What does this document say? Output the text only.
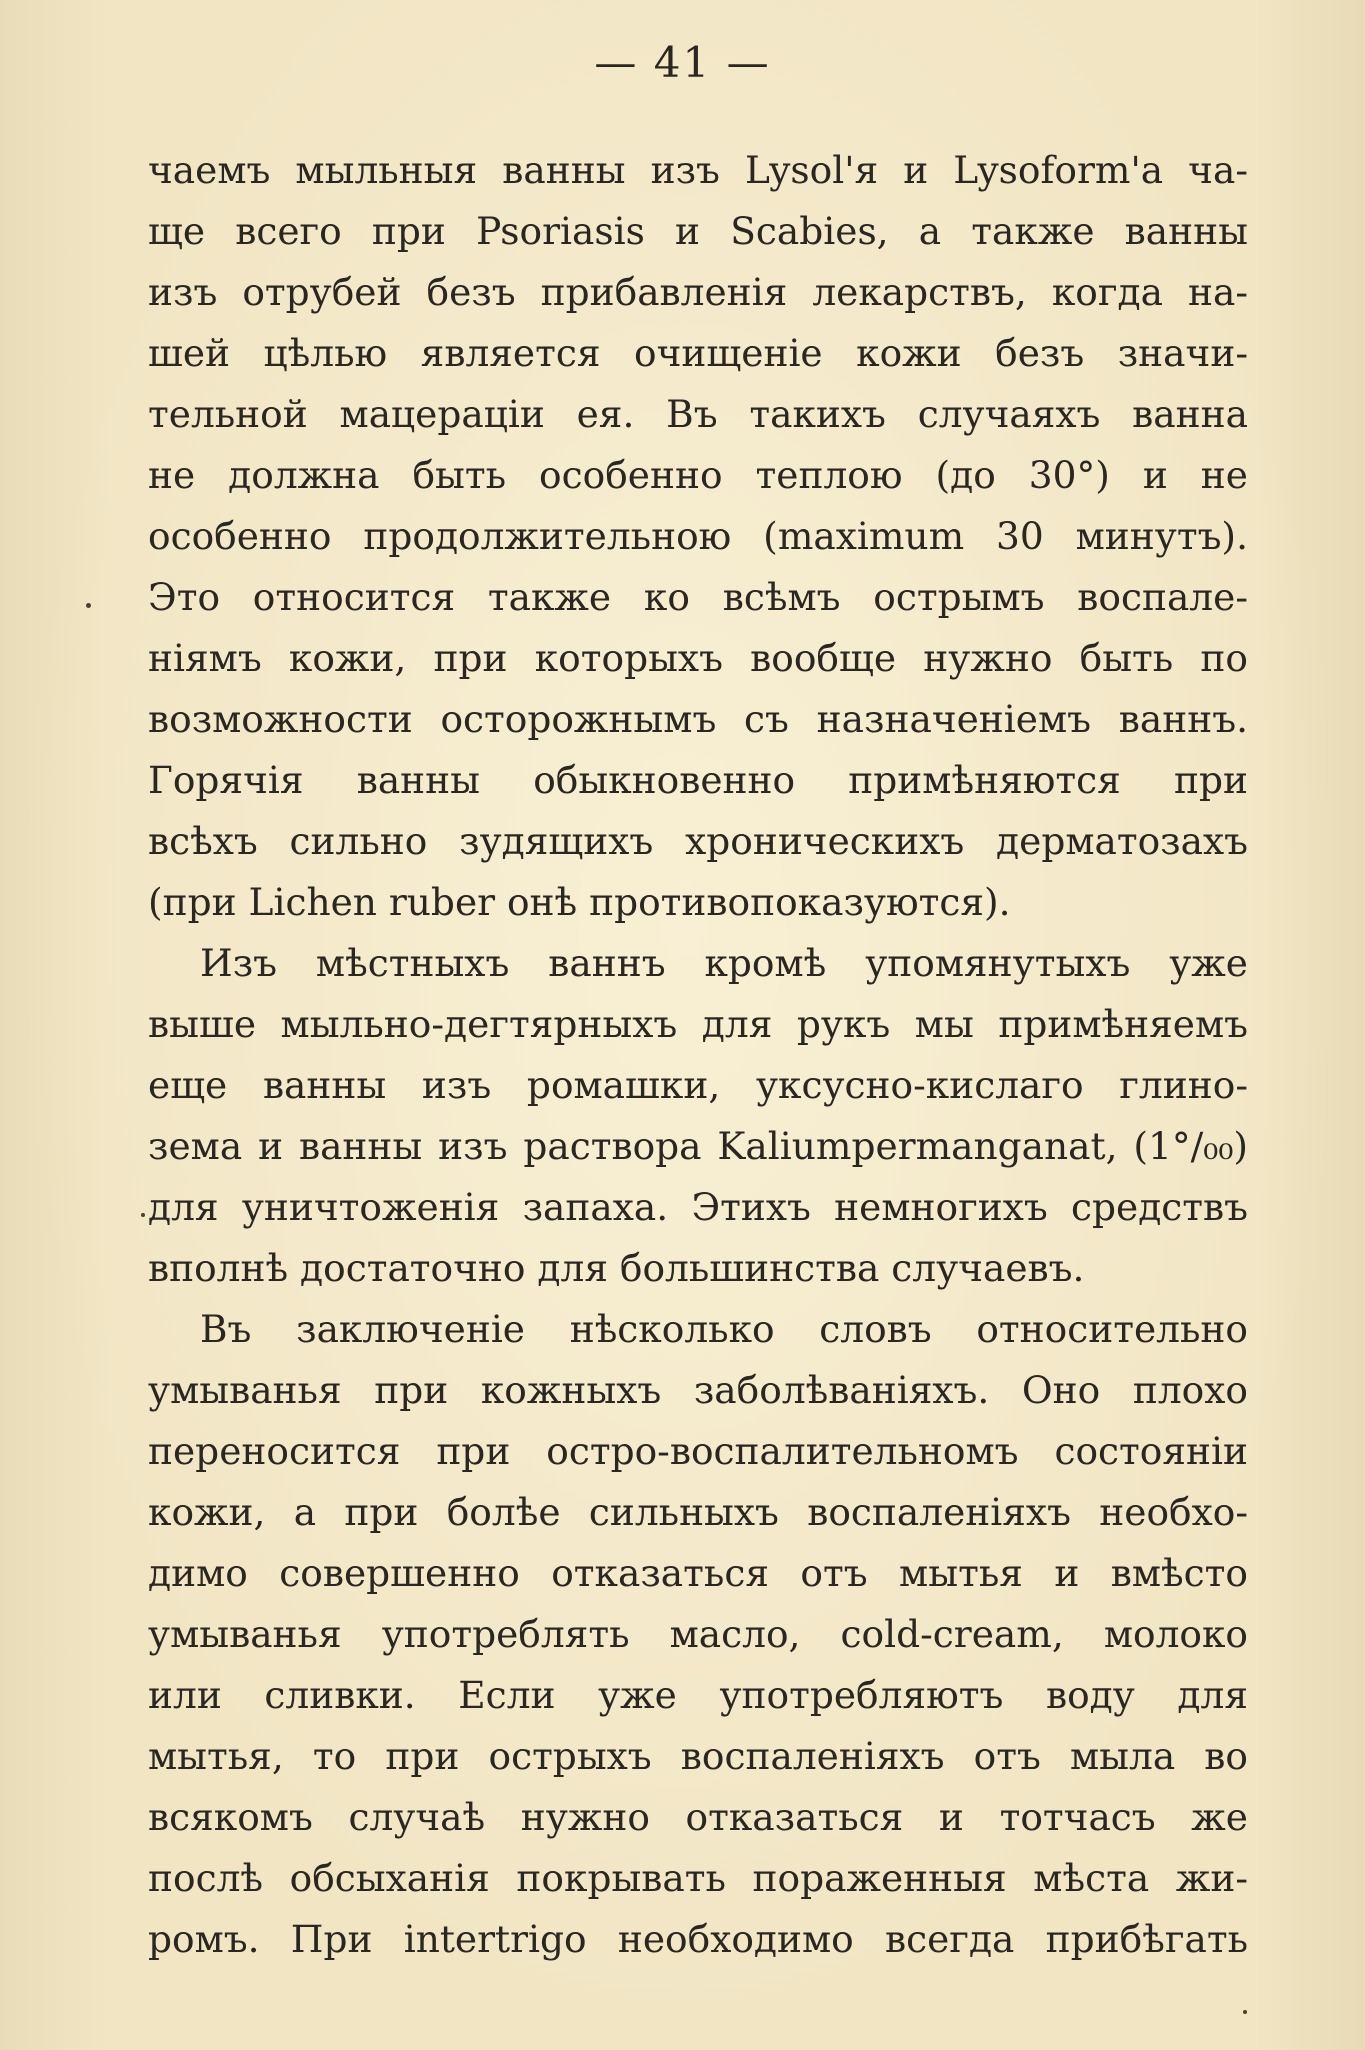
— 41 —
чаемъ мыльныя ванны изъ Lysol'я и Lysoform'а ча-
ще всего при Psoriasis и Scabies, а также ванны
изъ отрубей безъ прибавленія лекарствъ, когда на-
шей цѣлью является очищеніе кожи безъ значи-
тельной мацераціи ея. Въ такихъ случаяхъ ванна
не должна быть особенно теплою (до 30°) и не
особенно продолжительною (maximum 30 минутъ).
Это относится также ко всѣмъ острымъ воспале-
ніямъ кожи, при которыхъ вообще нужно быть по
возможности осторожнымъ съ назначеніемъ ваннъ.
Горячія ванны обыкновенно примѣняются при
всѣхъ сильно зудящихъ хроническихъ дерматозахъ
(при Lichen ruber онѣ противопоказуются).
Изъ мѣстныхъ ваннъ кромѣ упомянутыхъ уже
выше мыльно-дегтярныхъ для рукъ мы примѣняемъ
еще ванны изъ ромашки, уксусно-кислаго глино-
зема и ванны изъ раствора Kaliumpermanganat, (1°/₀₀)
для уничтоженія запаха. Этихъ немногихъ средствъ
вполнѣ достаточно для большинства случаевъ.
Въ заключеніе нѣсколько словъ относительно
умыванья при кожныхъ заболѣваніяхъ. Оно плохо
переносится при остро-воспалительномъ состояніи
кожи, а при болѣе сильныхъ воспаленіяхъ необхо-
димо совершенно отказаться отъ мытья и вмѣсто
умыванья употреблять масло, cold-cream, молоко
или сливки. Если уже употребляютъ воду для
мытья, то при острыхъ воспаленіяхъ отъ мыла во
всякомъ случаѣ нужно отказаться и тотчасъ же
послѣ обсыханія покрывать пораженныя мѣста жи-
ромъ. При intertrigo необходимо всегда прибѣгать
